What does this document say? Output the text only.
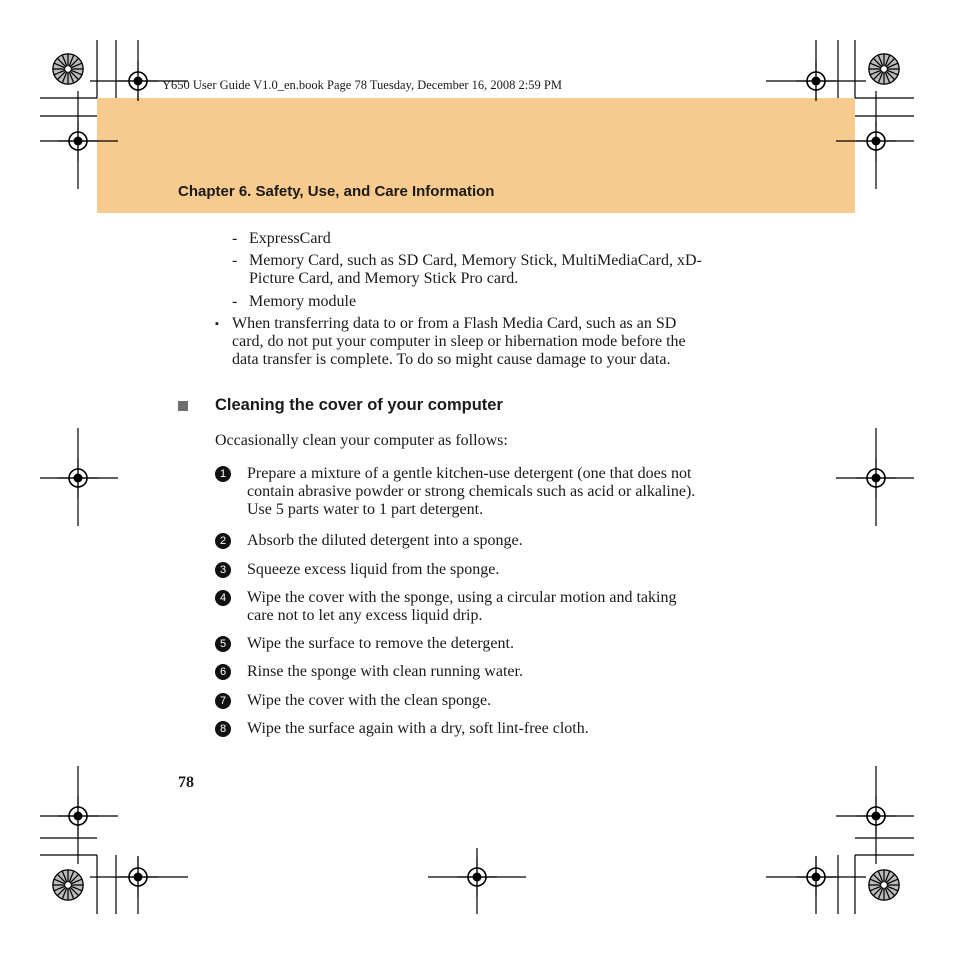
Y650 User Guide V1.0_en.book Page 78 Tuesday, December 16, 2008 2:59 PM
Chapter 6. Safety, Use, and Care Information
- ExpressCard
- Memory Card, such as SD Card, Memory Stick, MultiMediaCard, xD-
Picture Card, and Memory Stick Pro card.
- Memory module
▪ When transferring data to or from a Flash Media Card, such as an SD
card, do not put your computer in sleep or hibernation mode before the
data transfer is complete. To do so might cause damage to your data.
Cleaning the cover of your computer
Occasionally clean your computer as follows:
1	Prepare a mixture of a gentle kitchen-use detergent (one that does not
contain abrasive powder or strong chemicals such as acid or alkaline).
Use 5 parts water to 1 part detergent.
2	Absorb the diluted detergent into a sponge.
3	Squeeze excess liquid from the sponge.
4	Wipe the cover with the sponge, using a circular motion and taking
care not to let any excess liquid drip.
5	Wipe the surface to remove the detergent.
6	Rinse the sponge with clean running water.
7	Wipe the cover with the clean sponge.
8	Wipe the surface again with a dry, soft lint-free cloth.
78
